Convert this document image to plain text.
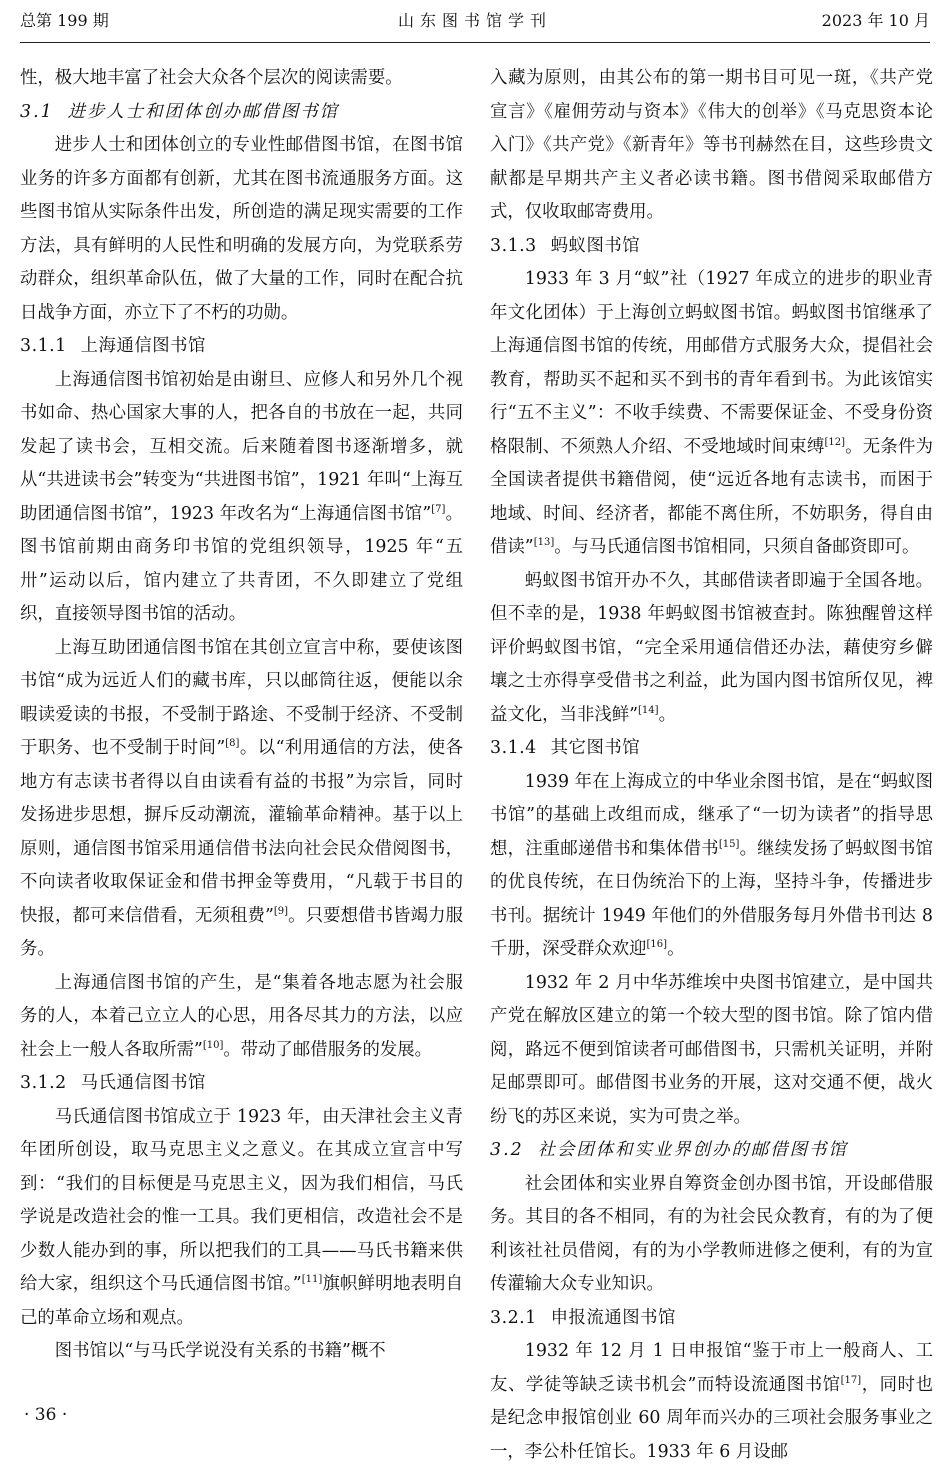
总第 199 期	山东图书馆学刊	2023 年 10 月

性，极大地丰富了社会大众各个层次的阅读需要。

3.1 进步人士和团体创办邮借图书馆

进步人士和团体创立的专业性邮借图书馆，在图书馆业务的许多方面都有创新，尤其在图书流通服务方面。这些图书馆从实际条件出发，所创造的满足现实需要的工作方法，具有鲜明的人民性和明确的发展方向，为党联系劳动群众，组织革命队伍，做了大量的工作，同时在配合抗日战争方面，亦立下了不朽的功勋。

3.1.1 上海通信图书馆

上海通信图书馆初始是由谢旦、应修人和另外几个视书如命、热心国家大事的人，把各自的书放在一起，共同发起了读书会，互相交流。后来随着图书逐渐增多，就从“共进读书会”转变为“共进图书馆”，1921 年叫“上海互助团通信图书馆”，1923 年改名为“上海通信图书馆”[7]。图书馆前期由商务印书馆的党组织领导，1925 年“五卅”运动以后，馆内建立了共青团，不久即建立了党组织，直接领导图书馆的活动。

上海互助团通信图书馆在其创立宣言中称，要使该图书馆“成为远近人们的藏书库，只以邮筒往返，便能以余暇读爱读的书报，不受制于路途、不受制于经济、不受制于职务、也不受制于时间”[8]。以“利用通信的方法，使各地方有志读书者得以自由读看有益的书报”为宗旨，同时发扬进步思想，摒斥反动潮流，灌输革命精神。基于以上原则，通信图书馆采用通信借书法向社会民众借阅图书，不向读者收取保证金和借书押金等费用，“凡载于书目的快报，都可来信借看，无须租费”[9]。只要想借书皆竭力服务。

上海通信图书馆的产生，是“集着各地志愿为社会服务的人，本着己立立人的心思，用各尽其力的方法，以应社会上一般人各取所需”[10]。带动了邮借服务的发展。

3.1.2 马氏通信图书馆

马氏通信图书馆成立于 1923 年，由天津社会主义青年团所创设，取马克思主义之意义。在其成立宣言中写到：“我们的目标便是马克思主义，因为我们相信，马氏学说是改造社会的惟一工具。我们更相信，改造社会不是少数人能办到的事，所以把我们的工具——马氏书籍来供给大家，组织这个马氏通信图书馆。”[11]旗帜鲜明地表明自己的革命立场和观点。

图书馆以“与马氏学说没有关系的书籍”概不

入藏为原则，由其公布的第一期书目可见一斑，《共产党宣言》《雇佣劳动与资本》《伟大的创举》《马克思资本论入门》《共产党》《新青年》等书刊赫然在目，这些珍贵文献都是早期共产主义者必读书籍。图书借阅采取邮借方式，仅收取邮寄费用。

3.1.3 蚂蚁图书馆

1933 年 3 月“蚁”社（1927 年成立的进步的职业青年文化团体）于上海创立蚂蚁图书馆。蚂蚁图书馆继承了上海通信图书馆的传统，用邮借方式服务大众，提倡社会教育，帮助买不起和买不到书的青年看到书。为此该馆实行“五不主义”：不收手续费、不需要保证金、不受身份资格限制、不须熟人介绍、不受地域时间束缚[12]。无条件为全国读者提供书籍借阅，使“远近各地有志读书，而困于地域、时间、经济者，都能不离住所，不妨职务，得自由借读”[13]。与马氏通信图书馆相同，只须自备邮资即可。

蚂蚁图书馆开办不久，其邮借读者即遍于全国各地。但不幸的是，1938 年蚂蚁图书馆被查封。陈独醒曾这样评价蚂蚁图书馆，“完全采用通信借还办法，藉使穷乡僻壤之士亦得享受借书之利益，此为国内图书馆所仅见，裨益文化，当非浅鲜”[14]。

3.1.4 其它图书馆

1939 年在上海成立的中华业余图书馆，是在“蚂蚁图书馆”的基础上改组而成，继承了“一切为读者”的指导思想，注重邮递借书和集体借书[15]。继续发扬了蚂蚁图书馆的优良传统，在日伪统治下的上海，坚持斗争，传播进步书刊。据统计 1949 年他们的外借服务每月外借书刊达 8 千册，深受群众欢迎[16]。

1932 年 2 月中华苏维埃中央图书馆建立，是中国共产党在解放区建立的第一个较大型的图书馆。除了馆内借阅，路远不便到馆读者可邮借图书，只需机关证明，并附足邮票即可。邮借图书业务的开展，这对交通不便，战火纷飞的苏区来说，实为可贵之举。

3.2 社会团体和实业界创办的邮借图书馆

社会团体和实业界自筹资金创办图书馆，开设邮借服务。其目的各不相同，有的为社会民众教育，有的为了便利该社社员借阅，有的为小学教师进修之便利，有的为宣传灌输大众专业知识。

3.2.1 申报流通图书馆

1932 年 12 月 1 日申报馆“鉴于市上一般商人、工友、学徒等缺乏读书机会”而特设流通图书馆[17]，同时也是纪念申报馆创业 60 周年而兴办的三项社会服务事业之一，李公朴任馆长。1933 年 6 月设邮

· 36 ·
